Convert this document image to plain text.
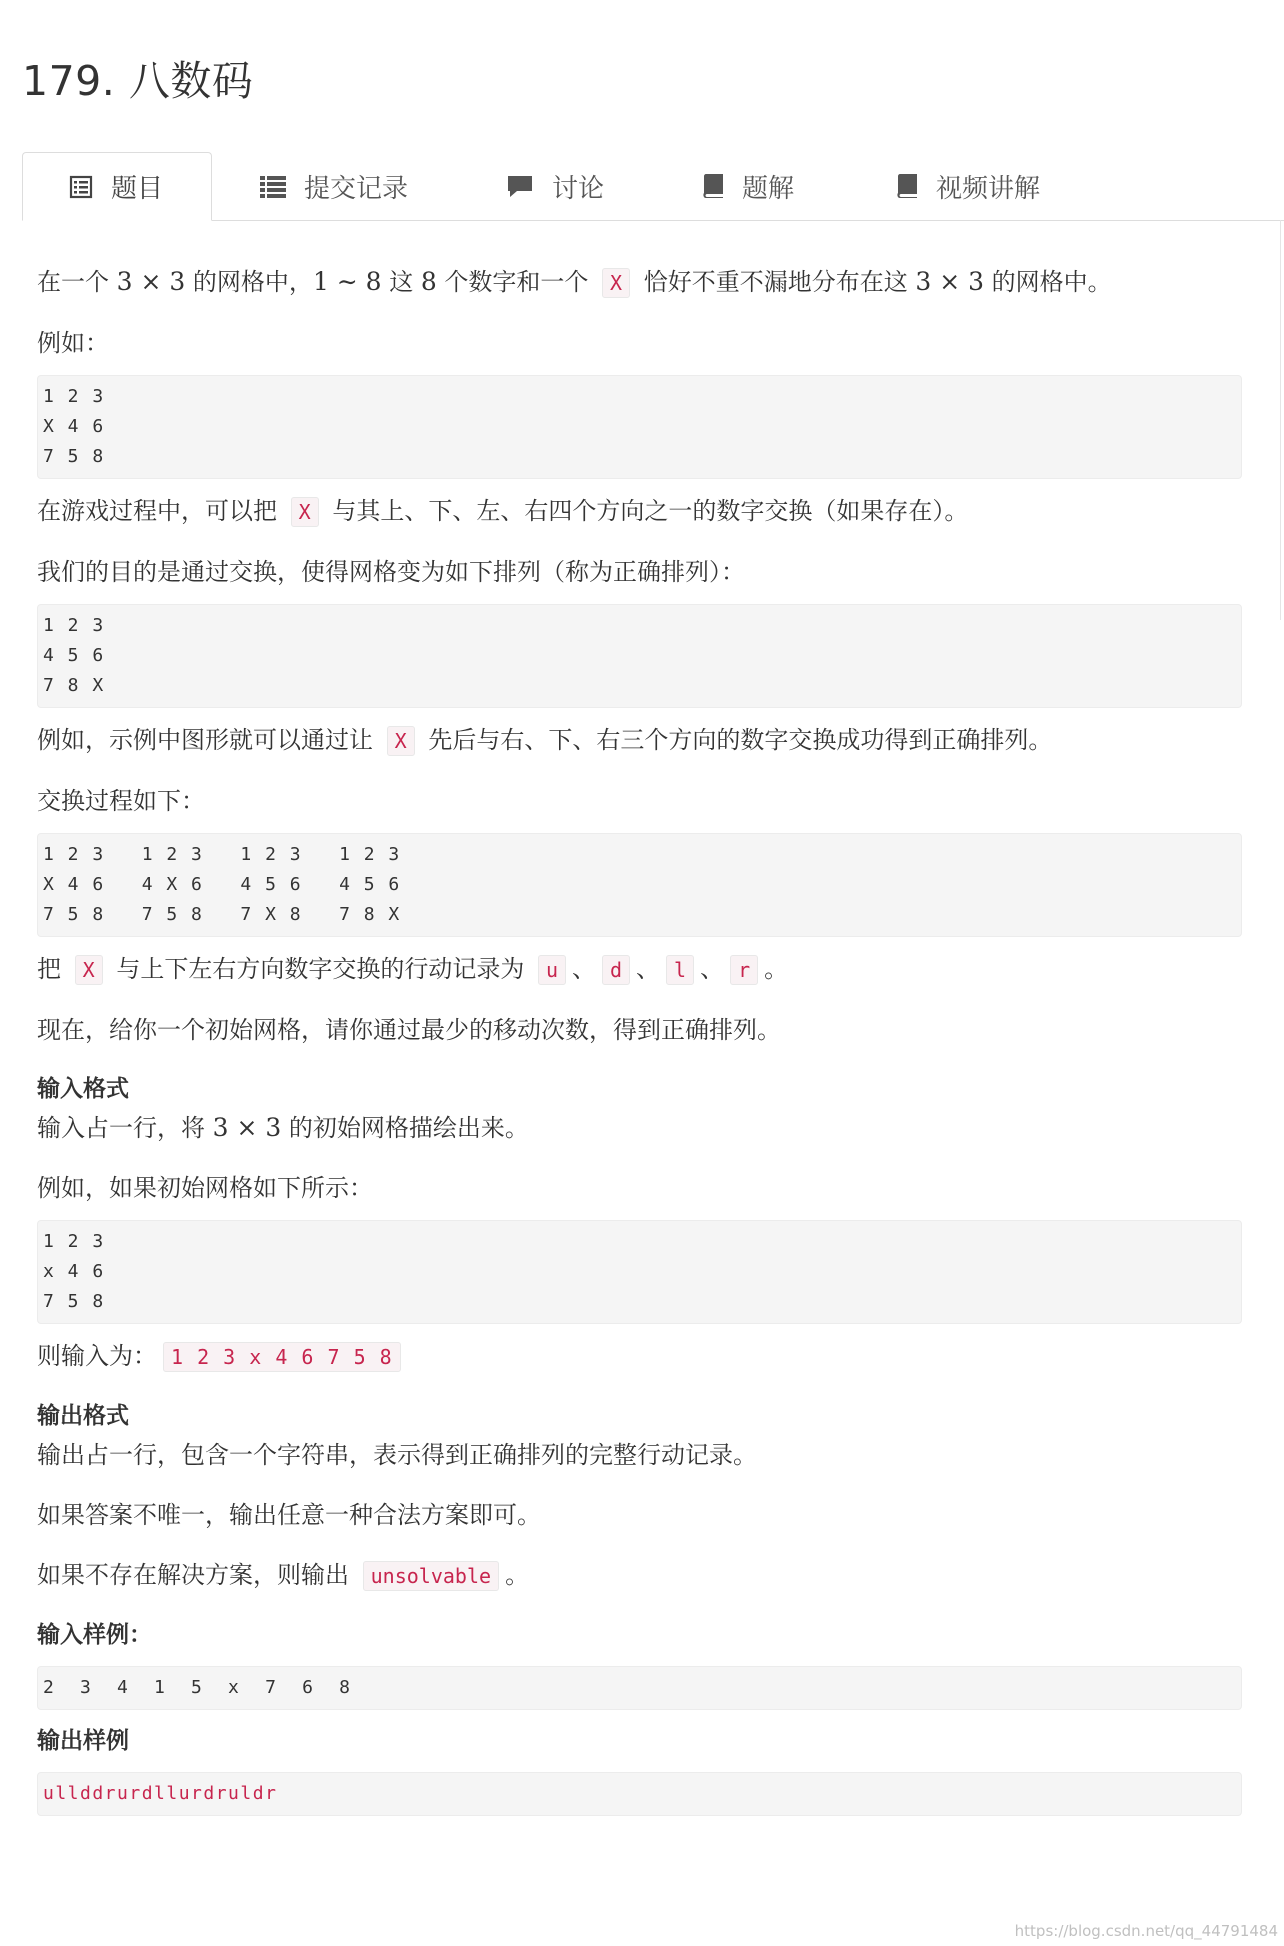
179. 八数码
题目	提交记录	讨论	题解	视频讲解

在一个 3 × 3 的网格中，1 ∼ 8 这 8 个数字和一个 X 恰好不重不漏地分布在这 3 × 3 的网格中。

例如：

1 2 3
X 4 6
7 5 8

在游戏过程中，可以把 X 与其上、下、左、右四个方向之一的数字交换（如果存在）。

我们的目的是通过交换，使得网格变为如下排列（称为正确排列）：

1 2 3
4 5 6
7 8 X

例如，示例中图形就可以通过让 X 先后与右、下、右三个方向的数字交换成功得到正确排列。

交换过程如下：

1 2 3   1 2 3   1 2 3   1 2 3
X 4 6   4 X 6   4 5 6   4 5 6
7 5 8   7 5 8   7 X 8   7 8 X

把 X 与上下左右方向数字交换的行动记录为 u 、 d 、 l 、 r 。

现在，给你一个初始网格，请你通过最少的移动次数，得到正确排列。

输入格式

输入占一行，将 3 × 3 的初始网格描绘出来。

例如，如果初始网格如下所示：

1 2 3
x 4 6
7 5 8

则输入为： 1 2 3 x 4 6 7 5 8

输出格式

输出占一行，包含一个字符串，表示得到正确排列的完整行动记录。

如果答案不唯一，输出任意一种合法方案即可。

如果不存在解决方案，则输出 unsolvable 。

输入样例：
2  3  4  1  5  x  7  6  8
输出样例
ullddrurdllurdruldr
https://blog.csdn.net/qq_44791484
